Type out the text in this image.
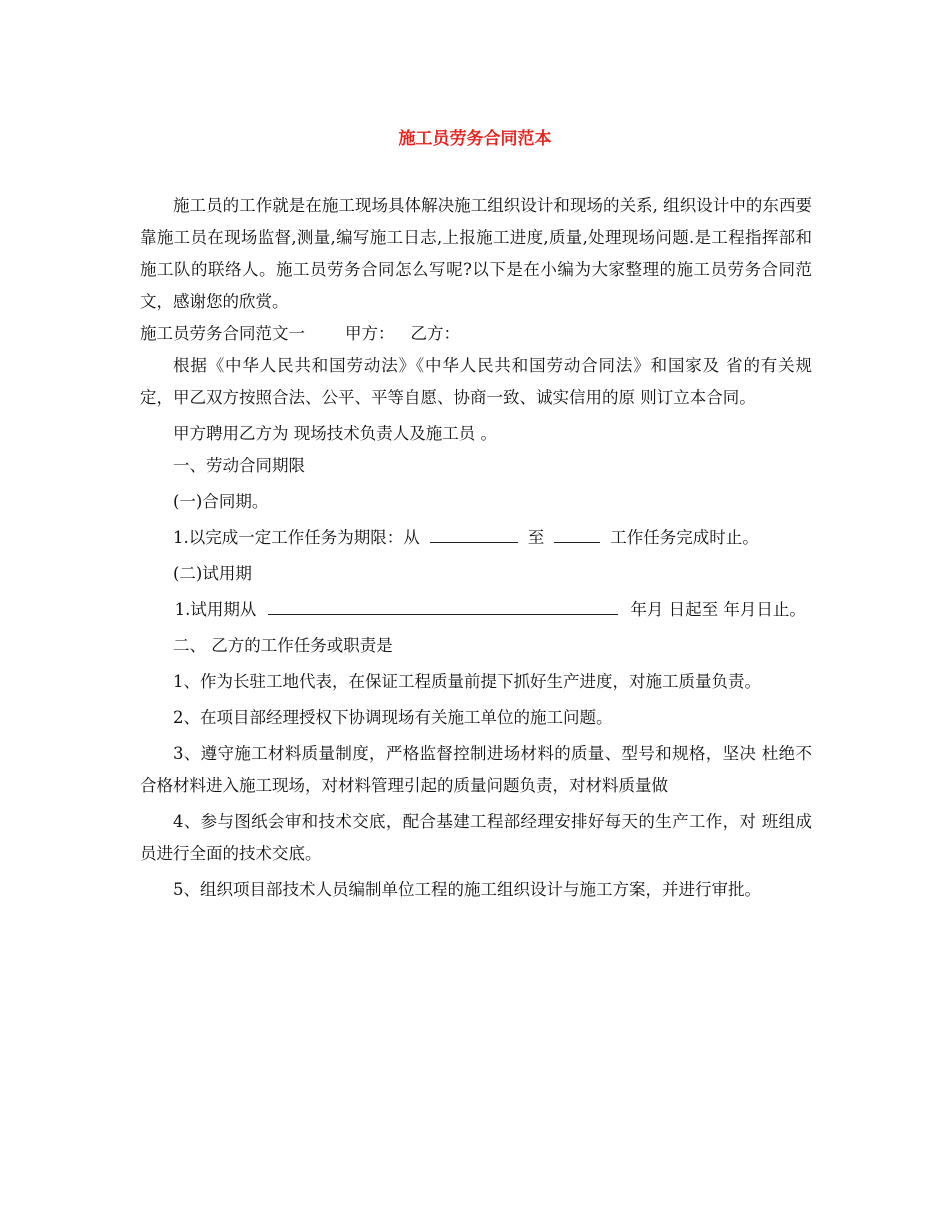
施工员劳务合同范本

施工员的工作就是在施工现场具体解决施工组织设计和现场的关系, 组织设计中的东西要靠施工员在现场监督,测量,编写施工日志,上报施工进度,质量,处理现场问题.是工程指挥部和施工队的联络人。施工员劳务合同怎么写呢?以下是在小编为大家整理的施工员劳务合同范文，感谢您的欣赏。

施工员劳务合同范文一 甲方： 乙方：

根据《中华人民共和国劳动法》《中华人民共和国劳动合同法》和国家及 省的有关规定，甲乙双方按照合法、公平、平等自愿、协商一致、诚实信用的原 则订立本合同。

甲方聘用乙方为 现场技术负责人及施工员 。

一、劳动合同期限

(一)合同期。

1.以完成一定工作任务为期限：从	至	工作任务完成时止。

(二)试用期

1.试用期从	年月 日起至 年月日止。

二、 乙方的工作任务或职责是

1、作为长驻工地代表，在保证工程质量前提下抓好生产进度，对施工质量负责。

2、在项目部经理授权下协调现场有关施工单位的施工问题。

3、遵守施工材料质量制度，严格监督控制进场材料的质量、型号和规格，坚决 杜绝不合格材料进入施工现场，对材料管理引起的质量问题负责，对材料质量做

4、参与图纸会审和技术交底，配合基建工程部经理安排好每天的生产工作，对 班组成员进行全面的技术交底。

5、组织项目部技术人员编制单位工程的施工组织设计与施工方案，并进行审批。
